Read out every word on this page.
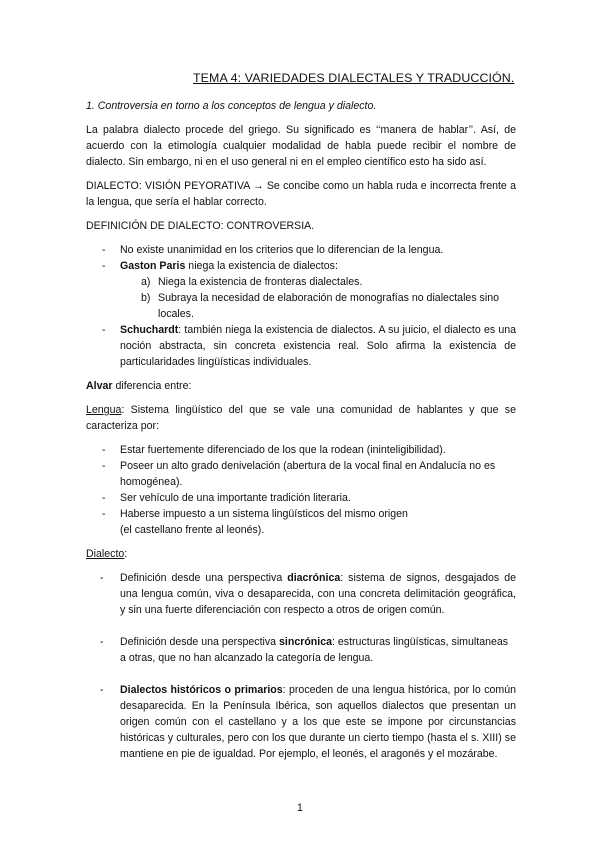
TEMA 4: VARIEDADES DIALECTALES Y TRADUCCIÓN.

1. Controversia en torno a los conceptos de lengua y dialecto.

La palabra dialecto procede del griego. Su significado es ‘‘manera de hablar’’. Así, de acuerdo con la etimología cualquier modalidad de habla puede recibir el nombre de dialecto. Sin embargo, ni en el uso general ni en el empleo científico esto ha sido así.

DIALECTO: VISIÓN PEYORATIVA → Se concibe como un habla ruda e incorrecta frente a la lengua, que sería el hablar correcto.

DEFINICIÓN DE DIALECTO: CONTROVERSIA.

- No existe unanimidad en los criterios que lo diferencian de la lengua.

- Gaston Paris niega la existencia de dialectos:

a) Niega la existencia de fronteras dialectales.

b) Subraya la necesidad de elaboración de monografías no dialectales sino locales.

- Schuchardt: también niega la existencia de dialectos. A su juicio, el dialecto es una noción abstracta, sin concreta existencia real. Solo afirma la existencia de particularidades lingüísticas individuales.

Alvar diferencia entre:

Lengua: Sistema lingüístico del que se vale una comunidad de hablantes y que se caracteriza por:

- Estar fuertemente diferenciado de los que la rodean (ininteligibilidad).

- Poseer un alto grado denivelación (abertura de la vocal final en Andalucía no es homogénea).

- Ser vehículo de una importante tradición literaria.

- Haberse impuesto a un sistema lingüísticos del mismo origen (el castellano frente al leonés).

Dialecto:

- Definición desde una perspectiva diacrónica: sistema de signos, desgajados de una lengua común, viva o desaparecida, con una concreta delimitación geográfica, y sin una fuerte diferenciación con respecto a otros de origen común.

- Definición desde una perspectiva sincrónica: estructuras lingüísticas, simultaneas a otras, que no han alcanzado la categoría de lengua.

- Dialectos históricos o primarios: proceden de una lengua histórica, por lo común desaparecida. En la Península Ibérica, son aquellos dialectos que presentan un origen común con el castellano y a los que este se impone por circunstancias históricas y culturales, pero con los que durante un cierto tiempo (hasta el s. XIII) se mantiene en pie de igualdad. Por ejemplo, el leonés, el aragonés y el mozárabe.

1
